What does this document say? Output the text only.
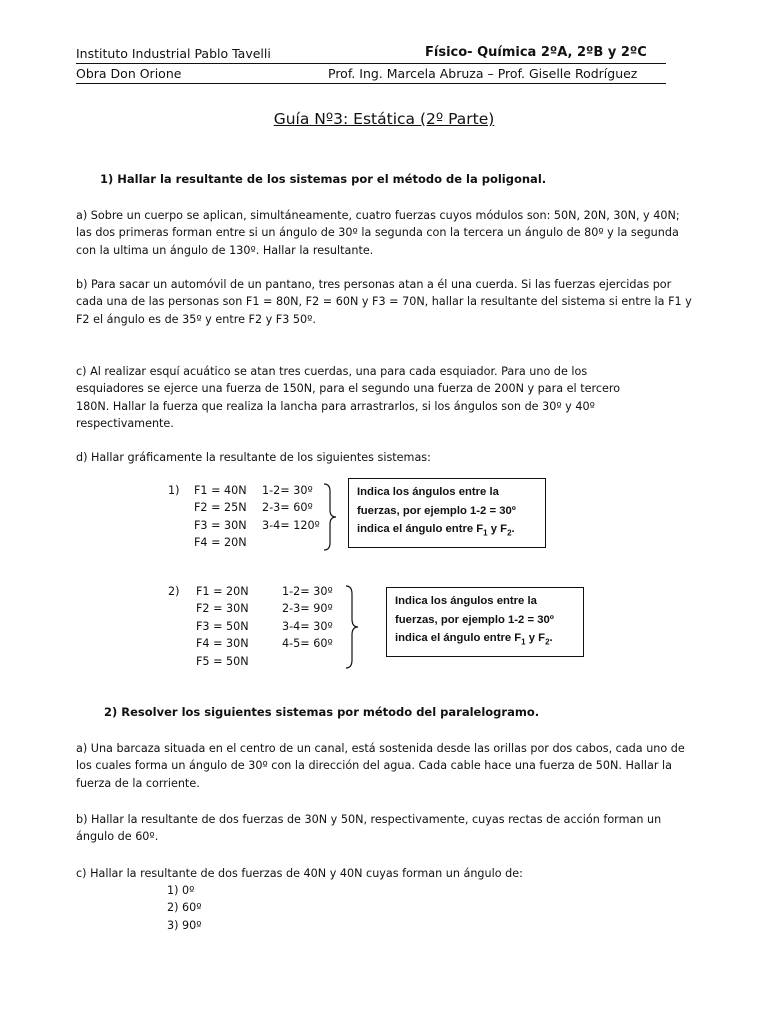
Instituto Industrial Pablo Tavelli	Físico- Química 2ºA, 2ºB y 2ºC
Obra Don Orione	Prof. Ing. Marcela Abruza – Prof. Giselle Rodríguez
Guía Nº3: Estática (2º Parte)
1) Hallar la resultante de los sistemas por el método de la poligonal.
a) Sobre un cuerpo se aplican, simultáneamente, cuatro fuerzas cuyos módulos son: 50N, 20N, 30N, y 40N;
las dos primeras forman entre si un ángulo de 30º la segunda con la tercera un ángulo de 80º y la segunda
con la ultima un ángulo de 130º. Hallar la resultante.
b) Para sacar un automóvil de un pantano, tres personas atan a él una cuerda. Si las fuerzas ejercidas por
cada una de las personas son F1 = 80N, F2 = 60N y F3 = 70N, hallar la resultante del sistema si entre la F1 y
F2 el ángulo es de 35º y entre F2 y F3 50º.
c) Al realizar esquí acuático se atan tres cuerdas, una para cada esquiador. Para uno de los
esquiadores se ejerce una fuerza de 150N, para el segundo una fuerza de 200N y para el tercero
180N. Hallar la fuerza que realiza la lancha para arrastrarlos, si los ángulos son de 30º y 40º
respectivamente.
d) Hallar gráficamente la resultante de los siguientes sistemas:
1) F1 = 40N
F2 = 25N
F3 = 30N
F4 = 20N
1-2= 30º
2-3= 60º
3-4= 120º
Indica los ángulos entre la
fuerzas, por ejemplo 1-2 = 30º
indica el ángulo entre $F_1$ y $F_2$.
2) F1 = 20N
F2 = 30N
F3 = 50N
F4 = 30N
F5 = 50N
1-2= 30º
2-3= 90º
3-4= 30º
4-5= 60º
Indica los ángulos entre la
fuerzas, por ejemplo 1-2 = 30º
indica el ángulo entre $F_1$ y $F_2$.
2) Resolver los siguientes sistemas por método del paralelogramo.
a) Una barcaza situada en el centro de un canal, está sostenida desde las orillas por dos cabos, cada uno de
los cuales forma un ángulo de 30º con la dirección del agua. Cada cable hace una fuerza de 50N. Hallar la
fuerza de la corriente.
b) Hallar la resultante de dos fuerzas de 30N y 50N, respectivamente, cuyas rectas de acción forman un
ángulo de 60º.
c) Hallar la resultante de dos fuerzas de 40N y 40N cuyas forman un ángulo de:
1) 0º
2) 60º
3) 90º
